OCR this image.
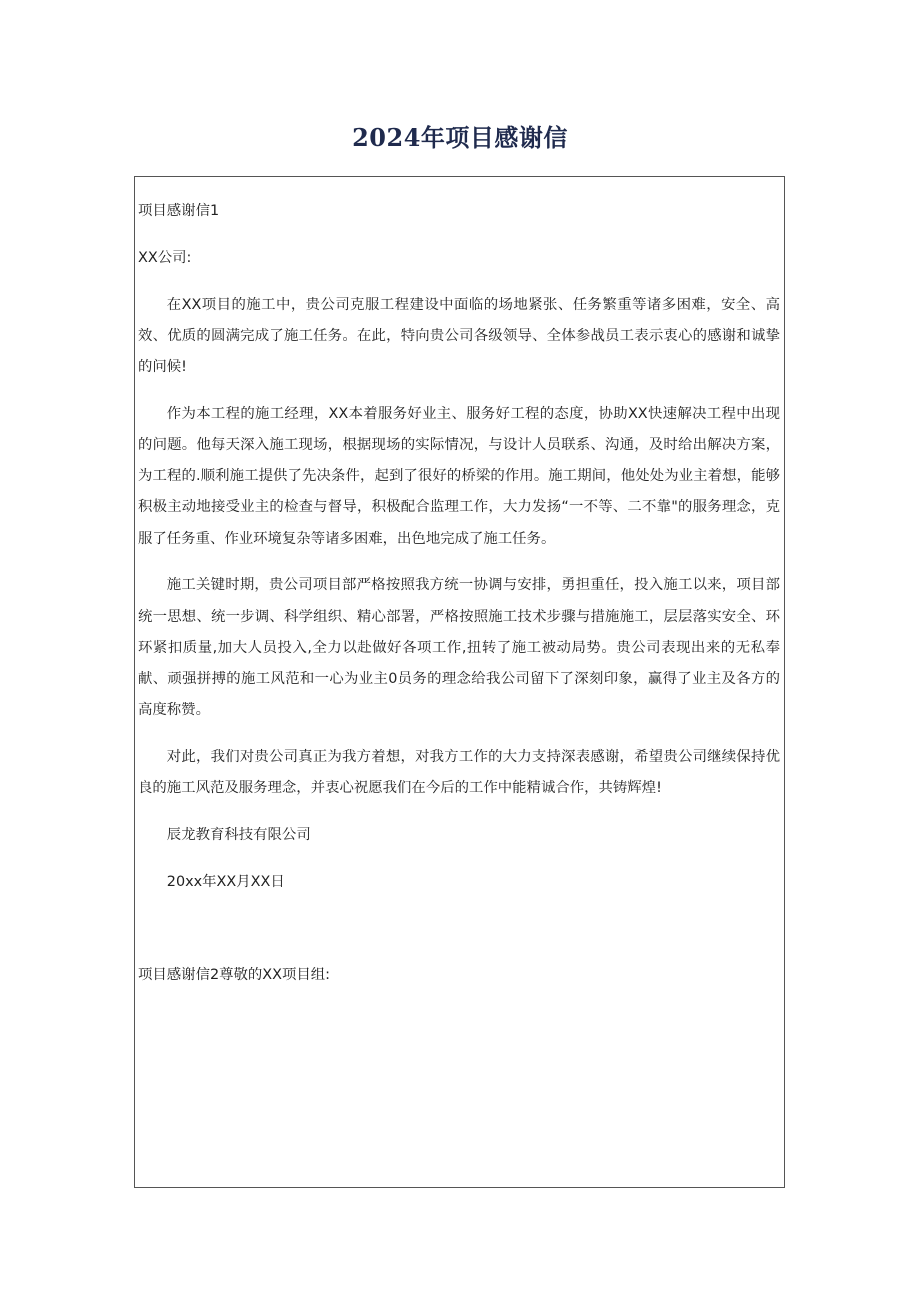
2024年项目感谢信

项目感谢信1

XX公司:

在XX项目的施工中，贵公司克服工程建设中面临的场地紧张、任务繁重等诸多困难，安全、高效、优质的圆满完成了施工任务。在此，特向贵公司各级领导、全体参战员工表示衷心的感谢和诚挚的问候!

作为本工程的施工经理，XX本着服务好业主、服务好工程的态度，协助XX快速解决工程中出现的问题。他每天深入施工现场，根据现场的实际情况，与设计人员联系、沟通，及时给出解决方案，为工程的.顺利施工提供了先决条件，起到了很好的桥梁的作用。施工期间，他处处为业主着想，能够积极主动地接受业主的检查与督导，积极配合监理工作，大力发扬“一不等、二不靠"的服务理念，克服了任务重、作业环境复杂等诸多困难，出色地完成了施工任务。

施工关键时期，贵公司项目部严格按照我方统一协调与安排，勇担重任，投入施工以来，项目部统一思想、统一步调、科学组织、精心部署，严格按照施工技术步骤与措施施工，层层落实安全、环环紧扣质量,加大人员投入,全力以赴做好各项工作,扭转了施工被动局势。贵公司表现出来的无私奉献、顽强拼搏的施工风范和一心为业主0员务的理念给我公司留下了深刻印象，赢得了业主及各方的高度称赞。

对此，我们对贵公司真正为我方着想，对我方工作的大力支持深表感谢，希望贵公司继续保持优良的施工风范及服务理念，并衷心祝愿我们在今后的工作中能精诚合作，共铸辉煌!

辰龙教育科技有限公司

20xx年XX月XX日

项目感谢信2尊敬的XX项目组:
